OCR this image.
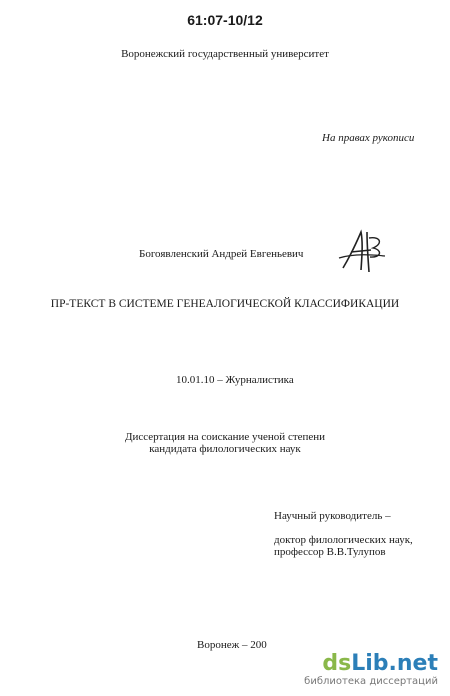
61:07-10/12
Воронежский государственный университет
На правах рукописи
Богоявленский Андрей Евгеньевич
ПР-ТЕКСТ В СИСТЕМЕ ГЕНЕАЛОГИЧЕСКОЙ КЛАССИФИКАЦИИ
10.01.10 – Журналистика
Диссертация на соискание ученой степени
кандидата филологических наук
Научный руководитель –
доктор филологических наук,
профессор В.В.Тулупов
Воронеж – 200
dsLib.net
библиотека диссертаций
